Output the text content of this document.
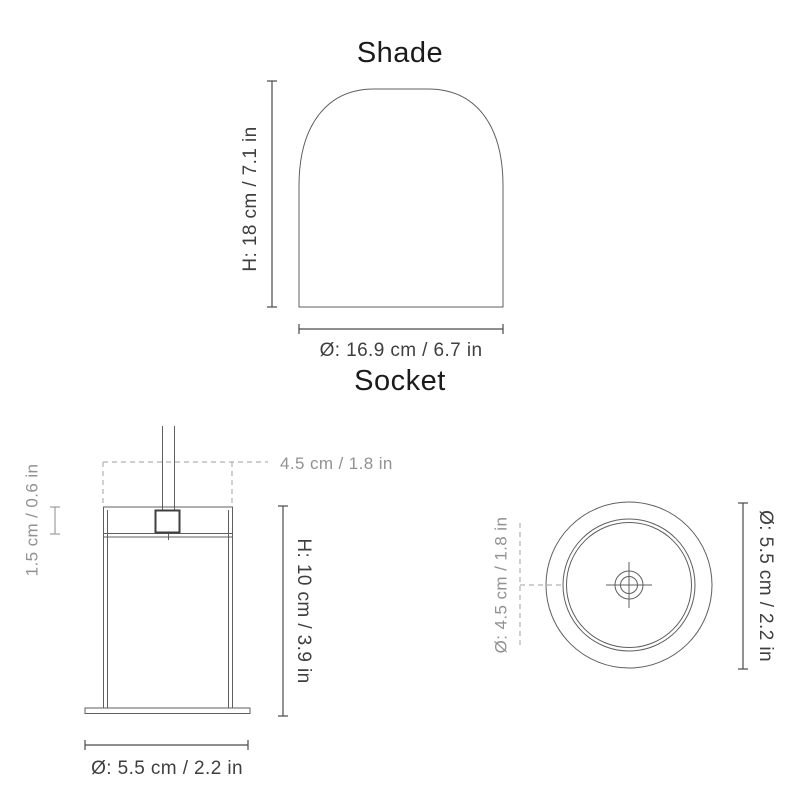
Shade
H: 18 cm / 7.1 in
Ø: 16.9 cm / 6.7 in
Socket
4.5 cm / 1.8 in
1.5 cm / 0.6 in
H: 10 cm / 3.9 in
Ø: 5.5 cm / 2.2 in
Ø: 4.5 cm / 1.8 in	Ø: 5.5 cm / 2.2 in
